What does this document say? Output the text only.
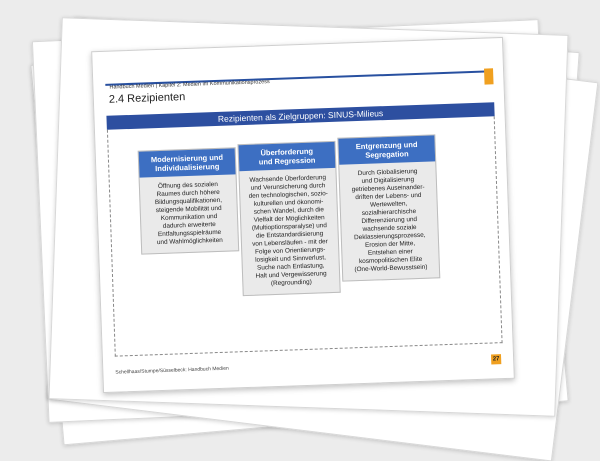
Handbuch Medien | Kapitel 2: Medien im Kommunikationsprozess
2.4 Rezipienten
Rezipienten als Zielgruppen: SINUS-Milieus
Modernisierung und
Individualisierung
Öffnung des sozialen
Raumes durch höhere
Bildungsqualifikationen,
steigende Mobilität und
Kommunikation und
dadurch erweiterte
Entfaltungsspielräume
und Wahlmöglichkeiten
Überforderung
und Regression
Wachsende Überforderung
und Verunsicherung durch
den technologischen, sozio-
kulturellen und ökonomi-
schen Wandel, durch die
Vielfalt der Möglichkeiten
(Multioptionsparalyse) und
die Entstandardisierung
von Lebensläufen - mit der
Folge von Orientierungs-
losigkeit und Sinnverlust,
Suche nach Entlastung,
Halt und Vergewisserung
(Regrounding)
Entgrenzung und
Segregation
Durch Globalisierung
und Digitalisierung
getriebenes Auseinander-
driften der Lebens- und
Wertewelten,
sozialhierarchische
Differenzierung und
wachsende soziale
Deklassierungsprozesse,
Erosion der Mitte,
Entstehen einer
kosmopolitischen Elite
(One-World-Bewusstsein)
Schellhaas/Stumpe/Süsselbeck: Handbuch Medien
27
